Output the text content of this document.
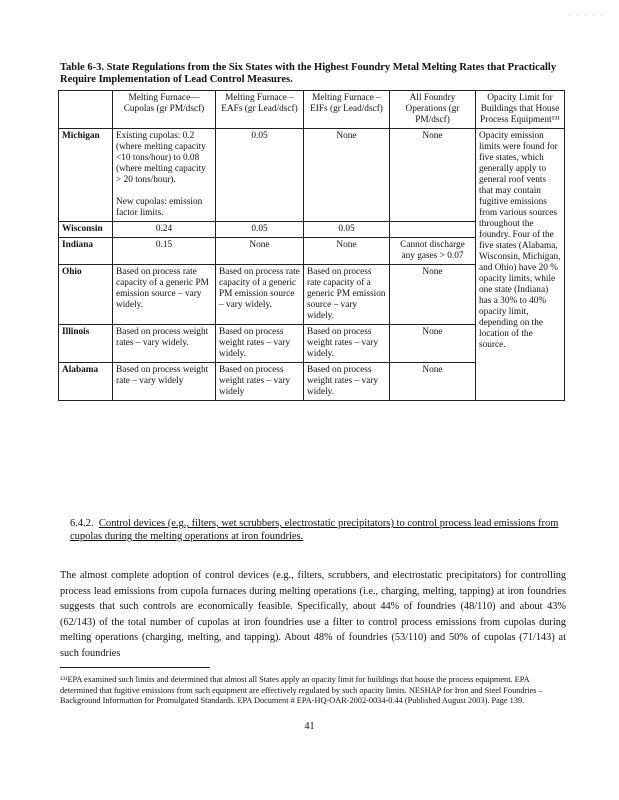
. . . . .
Table 6-3. State Regulations from the Six States with the Highest Foundry Metal Melting Rates that Practically Require Implementation of Lead Control Measures.
	Melting Furnace—Cupolas (gr PM/dscf)	Melting Furnace – EAFs (gr Lead/dscf)	Melting Furnace – EIFs (gr Lead/dscf)	All Foundry Operations (gr PM/dscf)	Opacity Limit for Buildings that House Process Equipment¹³¹
Michigan	Existing cupolas: 0.2 (where melting capacity <10 tons/hour) to 0.08 (where melting capacity > 20 tons/hour).
New cupolas: emission factor limits.	0.05	None	None	Opacity emission limits were found for five states, which generally apply to general roof vents that may contain fugitive emissions from various sources throughout the foundry. Four of the five states (Alabama, Wisconsin, Michigan, and Ohio) have 20 % opacity limits, while one state (Indiana) has a 30% to 40% opacity limit, depending on the location of the source.
Wisconsin	0.24	0.05	0.05		
Indiana	0.15	None	None	Cannot discharge any gases > 0.07	
Ohio	Based on process rate capacity of a generic PM emission source – vary widely.	Based on process rate capacity of a generic PM emission source – vary widely.	Based on process rate capacity of a generic PM emission source – vary widely.	None	
Illinois	Based on process weight rates – vary widely.	Based on process weight rates – vary widely.	Based on process weight rates – vary widely.	None	
Alabama	Based on process weight rate – vary widely	Based on process weight rates – vary widely	Based on process weight rates – vary widely.	None	
6.4.2. Control devices (e.g., filters, wet scrubbers, electrostatic precipitators) to control process lead emissions from cupolas during the melting operations at iron foundries.
The almost complete adoption of control devices (e.g., filters, scrubbers, and electrostatic precipitators) for controlling process lead emissions from cupola furnaces during melting operations (i.e., charging, melting, tapping) at iron foundries suggests that such controls are economically feasible. Specifically, about 44% of foundries (48/110) and about 43% (62/143) of the total number of cupolas at iron foundries use a filter to control process emissions from cupolas during melting operations (charging, melting, and tapping). About 48% of foundries (53/110) and 50% of cupolas (71/143) at such foundries
¹³¹EPA examined such limits and determined that almost all States apply an opacity limit for buildings that house the process equipment. EPA determined that fugitive emissions from such equipment are effectively regulated by such opacity limits. NESHAP for Iron and Steel Foundries – Background Information for Promulgated Standards. EPA Document # EPA-HQ-OAR-2002-0034-0.44 (Published August 2003). Page 139.
41
